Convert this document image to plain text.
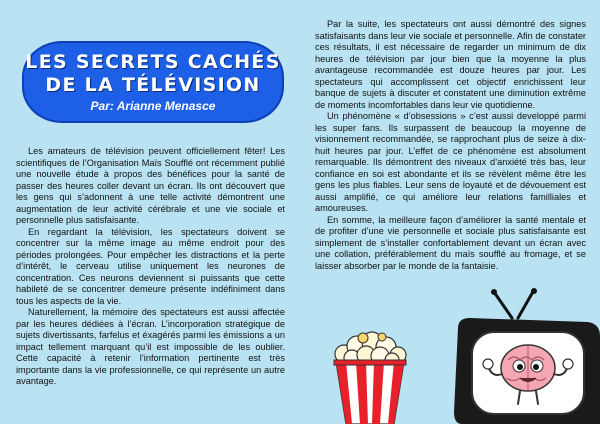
LES SECRETS CACHÉS
DE LA TÉLÉVISION
Par: Arianne Menasce

Les amateurs de télévision peuvent officiellement fêter! Les scientifiques de l’Organisation Maïs Soufflé ont récemment publié une nouvelle étude à propos des bénéfices pour la santé de passer des heures coller devant un écran. Ils ont découvert que les gens qui s’adonnent à une telle activité démontrent une augmentation de leur activité cérébrale et une vie sociale et personnelle plus satisfaisante.

En regardant la télévision, les spectateurs doivent se concentrer sur la même image au même endroit pour des périodes prolongées. Pour empêcher les distractions et la perte d’intérêt, le cerveau utilise uniquement les neurones de concentration. Ces neurons deviennent si puissants que cette habileté de se concentrer demeure présente indéfiniment dans tous les aspects de la vie.

Naturellement, la mémoire des spectateurs est aussi affectée par les heures dédiées à l’écran. L’incorporation stratégique de sujets divertissants, farfelus et éxagérés parmi les émissions a un impact tellement marquant qu’il est impossible de les oublier. Cette capacité à retenir l’information pertinente est très importante dans la vie professionnelle, ce qui représente un autre avantage.

Par la suite, les spectateurs ont aussi démontré des signes satisfaisants dans leur vie sociale et personnelle. Afin de constater ces résultats, il est nécessaire de regarder un minimum de dix heures de télévision par jour bien que la moyenne la plus avantageuse recommandée est douze heures par jour. Les spectateurs qui accomplissent cet objectif enrichissent leur banque de sujets à discuter et constatent une diminution extrême de moments incomfortables dans leur vie quotidienne.

Un phénomène « d’obsessions » c’est aussi developpé parmi les super fans. Ils surpassent de beaucoup la moyenne de visionnement recommandée, se rapprochant plus de seize à dix-huit heures par jour. L’effet de ce phénomène est absolument remarquable. Ils démontrent des niveaux d’anxiété très bas, leur confiance en soi est abondante et ils se révèlent même être les gens les plus fiables. Leur sens de loyauté et de dévouement est aussi amplifié, ce qui améliore leur relations familliales et amoureuses.

En somme, la meilleure façon d’améliorer la santé mentale et de profiter d’une vie personnelle et sociale plus satisfaisante est simplement de s’installer confortablement devant un écran avec une collation, préférablement du maïs soufflé au fromage, et se laisser absorber par le monde de la fantaisie.
